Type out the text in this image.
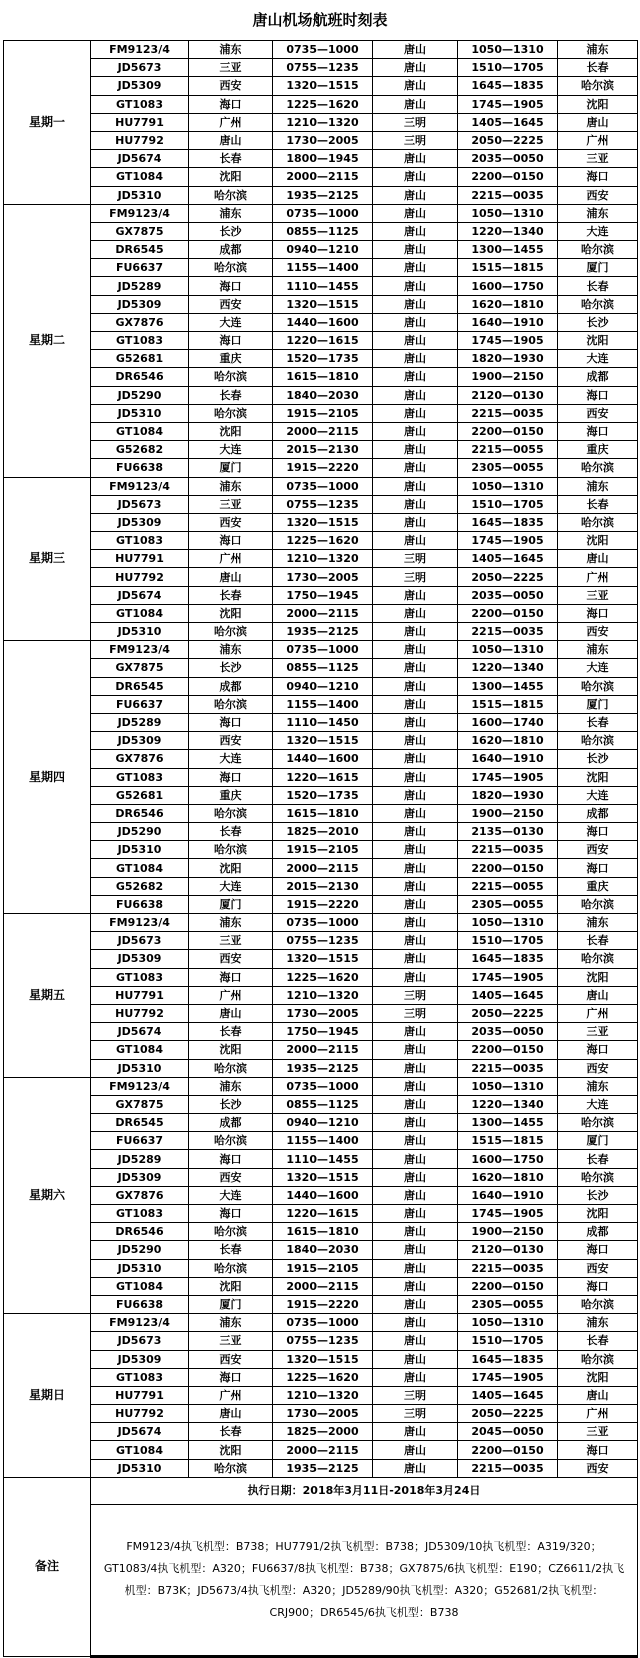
唐山机场航班时刻表
星期一	FM9123/4	浦东	0735—1000	唐山	1050—1310	浦东
	JD5673	三亚	0755—1235	唐山	1510—1705	长春
	JD5309	西安	1320—1515	唐山	1645—1835	哈尔滨
	GT1083	海口	1225—1620	唐山	1745—1905	沈阳
	HU7791	广州	1210—1320	三明	1405—1645	唐山
	HU7792	唐山	1730—2005	三明	2050—2225	广州
	JD5674	长春	1800—1945	唐山	2035—0050	三亚
	GT1084	沈阳	2000—2115	唐山	2200—0150	海口
	JD5310	哈尔滨	1935—2125	唐山	2215—0035	西安
星期二	FM9123/4	浦东	0735—1000	唐山	1050—1310	浦东
	GX7875	长沙	0855—1125	唐山	1220—1340	大连
	DR6545	成都	0940—1210	唐山	1300—1455	哈尔滨
	FU6637	哈尔滨	1155—1400	唐山	1515—1815	厦门
	JD5289	海口	1110—1455	唐山	1600—1750	长春
	JD5309	西安	1320—1515	唐山	1620—1810	哈尔滨
	GX7876	大连	1440—1600	唐山	1640—1910	长沙
	GT1083	海口	1220—1615	唐山	1745—1905	沈阳
	G52681	重庆	1520—1735	唐山	1820—1930	大连
	DR6546	哈尔滨	1615—1810	唐山	1900—2150	成都
	JD5290	长春	1840—2030	唐山	2120—0130	海口
	JD5310	哈尔滨	1915—2105	唐山	2215—0035	西安
	GT1084	沈阳	2000—2115	唐山	2200—0150	海口
	G52682	大连	2015—2130	唐山	2215—0055	重庆
	FU6638	厦门	1915—2220	唐山	2305—0055	哈尔滨
星期三	FM9123/4	浦东	0735—1000	唐山	1050—1310	浦东
	JD5673	三亚	0755—1235	唐山	1510—1705	长春
	JD5309	西安	1320—1515	唐山	1645—1835	哈尔滨
	GT1083	海口	1225—1620	唐山	1745—1905	沈阳
	HU7791	广州	1210—1320	三明	1405—1645	唐山
	HU7792	唐山	1730—2005	三明	2050—2225	广州
	JD5674	长春	1750—1945	唐山	2035—0050	三亚
	GT1084	沈阳	2000—2115	唐山	2200—0150	海口
	JD5310	哈尔滨	1935—2125	唐山	2215—0035	西安
星期四	FM9123/4	浦东	0735—1000	唐山	1050—1310	浦东
	GX7875	长沙	0855—1125	唐山	1220—1340	大连
	DR6545	成都	0940—1210	唐山	1300—1455	哈尔滨
	FU6637	哈尔滨	1155—1400	唐山	1515—1815	厦门
	JD5289	海口	1110—1450	唐山	1600—1740	长春
	JD5309	西安	1320—1515	唐山	1620—1810	哈尔滨
	GX7876	大连	1440—1600	唐山	1640—1910	长沙
	GT1083	海口	1220—1615	唐山	1745—1905	沈阳
	G52681	重庆	1520—1735	唐山	1820—1930	大连
	DR6546	哈尔滨	1615—1810	唐山	1900—2150	成都
	JD5290	长春	1825—2010	唐山	2135—0130	海口
	JD5310	哈尔滨	1915—2105	唐山	2215—0035	西安
	GT1084	沈阳	2000—2115	唐山	2200—0150	海口
	G52682	大连	2015—2130	唐山	2215—0055	重庆
	FU6638	厦门	1915—2220	唐山	2305—0055	哈尔滨
星期五	FM9123/4	浦东	0735—1000	唐山	1050—1310	浦东
	JD5673	三亚	0755—1235	唐山	1510—1705	长春
	JD5309	西安	1320—1515	唐山	1645—1835	哈尔滨
	GT1083	海口	1225—1620	唐山	1745—1905	沈阳
	HU7791	广州	1210—1320	三明	1405—1645	唐山
	HU7792	唐山	1730—2005	三明	2050—2225	广州
	JD5674	长春	1750—1945	唐山	2035—0050	三亚
	GT1084	沈阳	2000—2115	唐山	2200—0150	海口
	JD5310	哈尔滨	1935—2125	唐山	2215—0035	西安
星期六	FM9123/4	浦东	0735—1000	唐山	1050—1310	浦东
	GX7875	长沙	0855—1125	唐山	1220—1340	大连
	DR6545	成都	0940—1210	唐山	1300—1455	哈尔滨
	FU6637	哈尔滨	1155—1400	唐山	1515—1815	厦门
	JD5289	海口	1110—1455	唐山	1600—1750	长春
	JD5309	西安	1320—1515	唐山	1620—1810	哈尔滨
	GX7876	大连	1440—1600	唐山	1640—1910	长沙
	GT1083	海口	1220—1615	唐山	1745—1905	沈阳
	DR6546	哈尔滨	1615—1810	唐山	1900—2150	成都
	JD5290	长春	1840—2030	唐山	2120—0130	海口
	JD5310	哈尔滨	1915—2105	唐山	2215—0035	西安
	GT1084	沈阳	2000—2115	唐山	2200—0150	海口
	FU6638	厦门	1915—2220	唐山	2305—0055	哈尔滨
星期日	FM9123/4	浦东	0735—1000	唐山	1050—1310	浦东
	JD5673	三亚	0755—1235	唐山	1510—1705	长春
	JD5309	西安	1320—1515	唐山	1645—1835	哈尔滨
	GT1083	海口	1225—1620	唐山	1745—1905	沈阳
	HU7791	广州	1210—1320	三明	1405—1645	唐山
	HU7792	唐山	1730—2005	三明	2050—2225	广州
	JD5674	长春	1825—2000	唐山	2045—0050	三亚
	GT1084	沈阳	2000—2115	唐山	2200—0150	海口
	JD5310	哈尔滨	1935—2125	唐山	2215—0035	西安
备注	执行日期：2018年3月11日-2018年3月24日					
	FM9123/4执飞机型：B738；HU7791/2执飞机型：B738；JD5309/10执飞机型：A319/320；GT1083/4执飞机型：A320；FU6637/8执飞机型：B738；GX7875/6执飞机型：E190；CZ6611/2执飞机型：B73K；JD5673/4执飞机型：A320；JD5289/90执飞机型：A320；G52681/2执飞机型：CRJ900；DR6545/6执飞机型：B738					
